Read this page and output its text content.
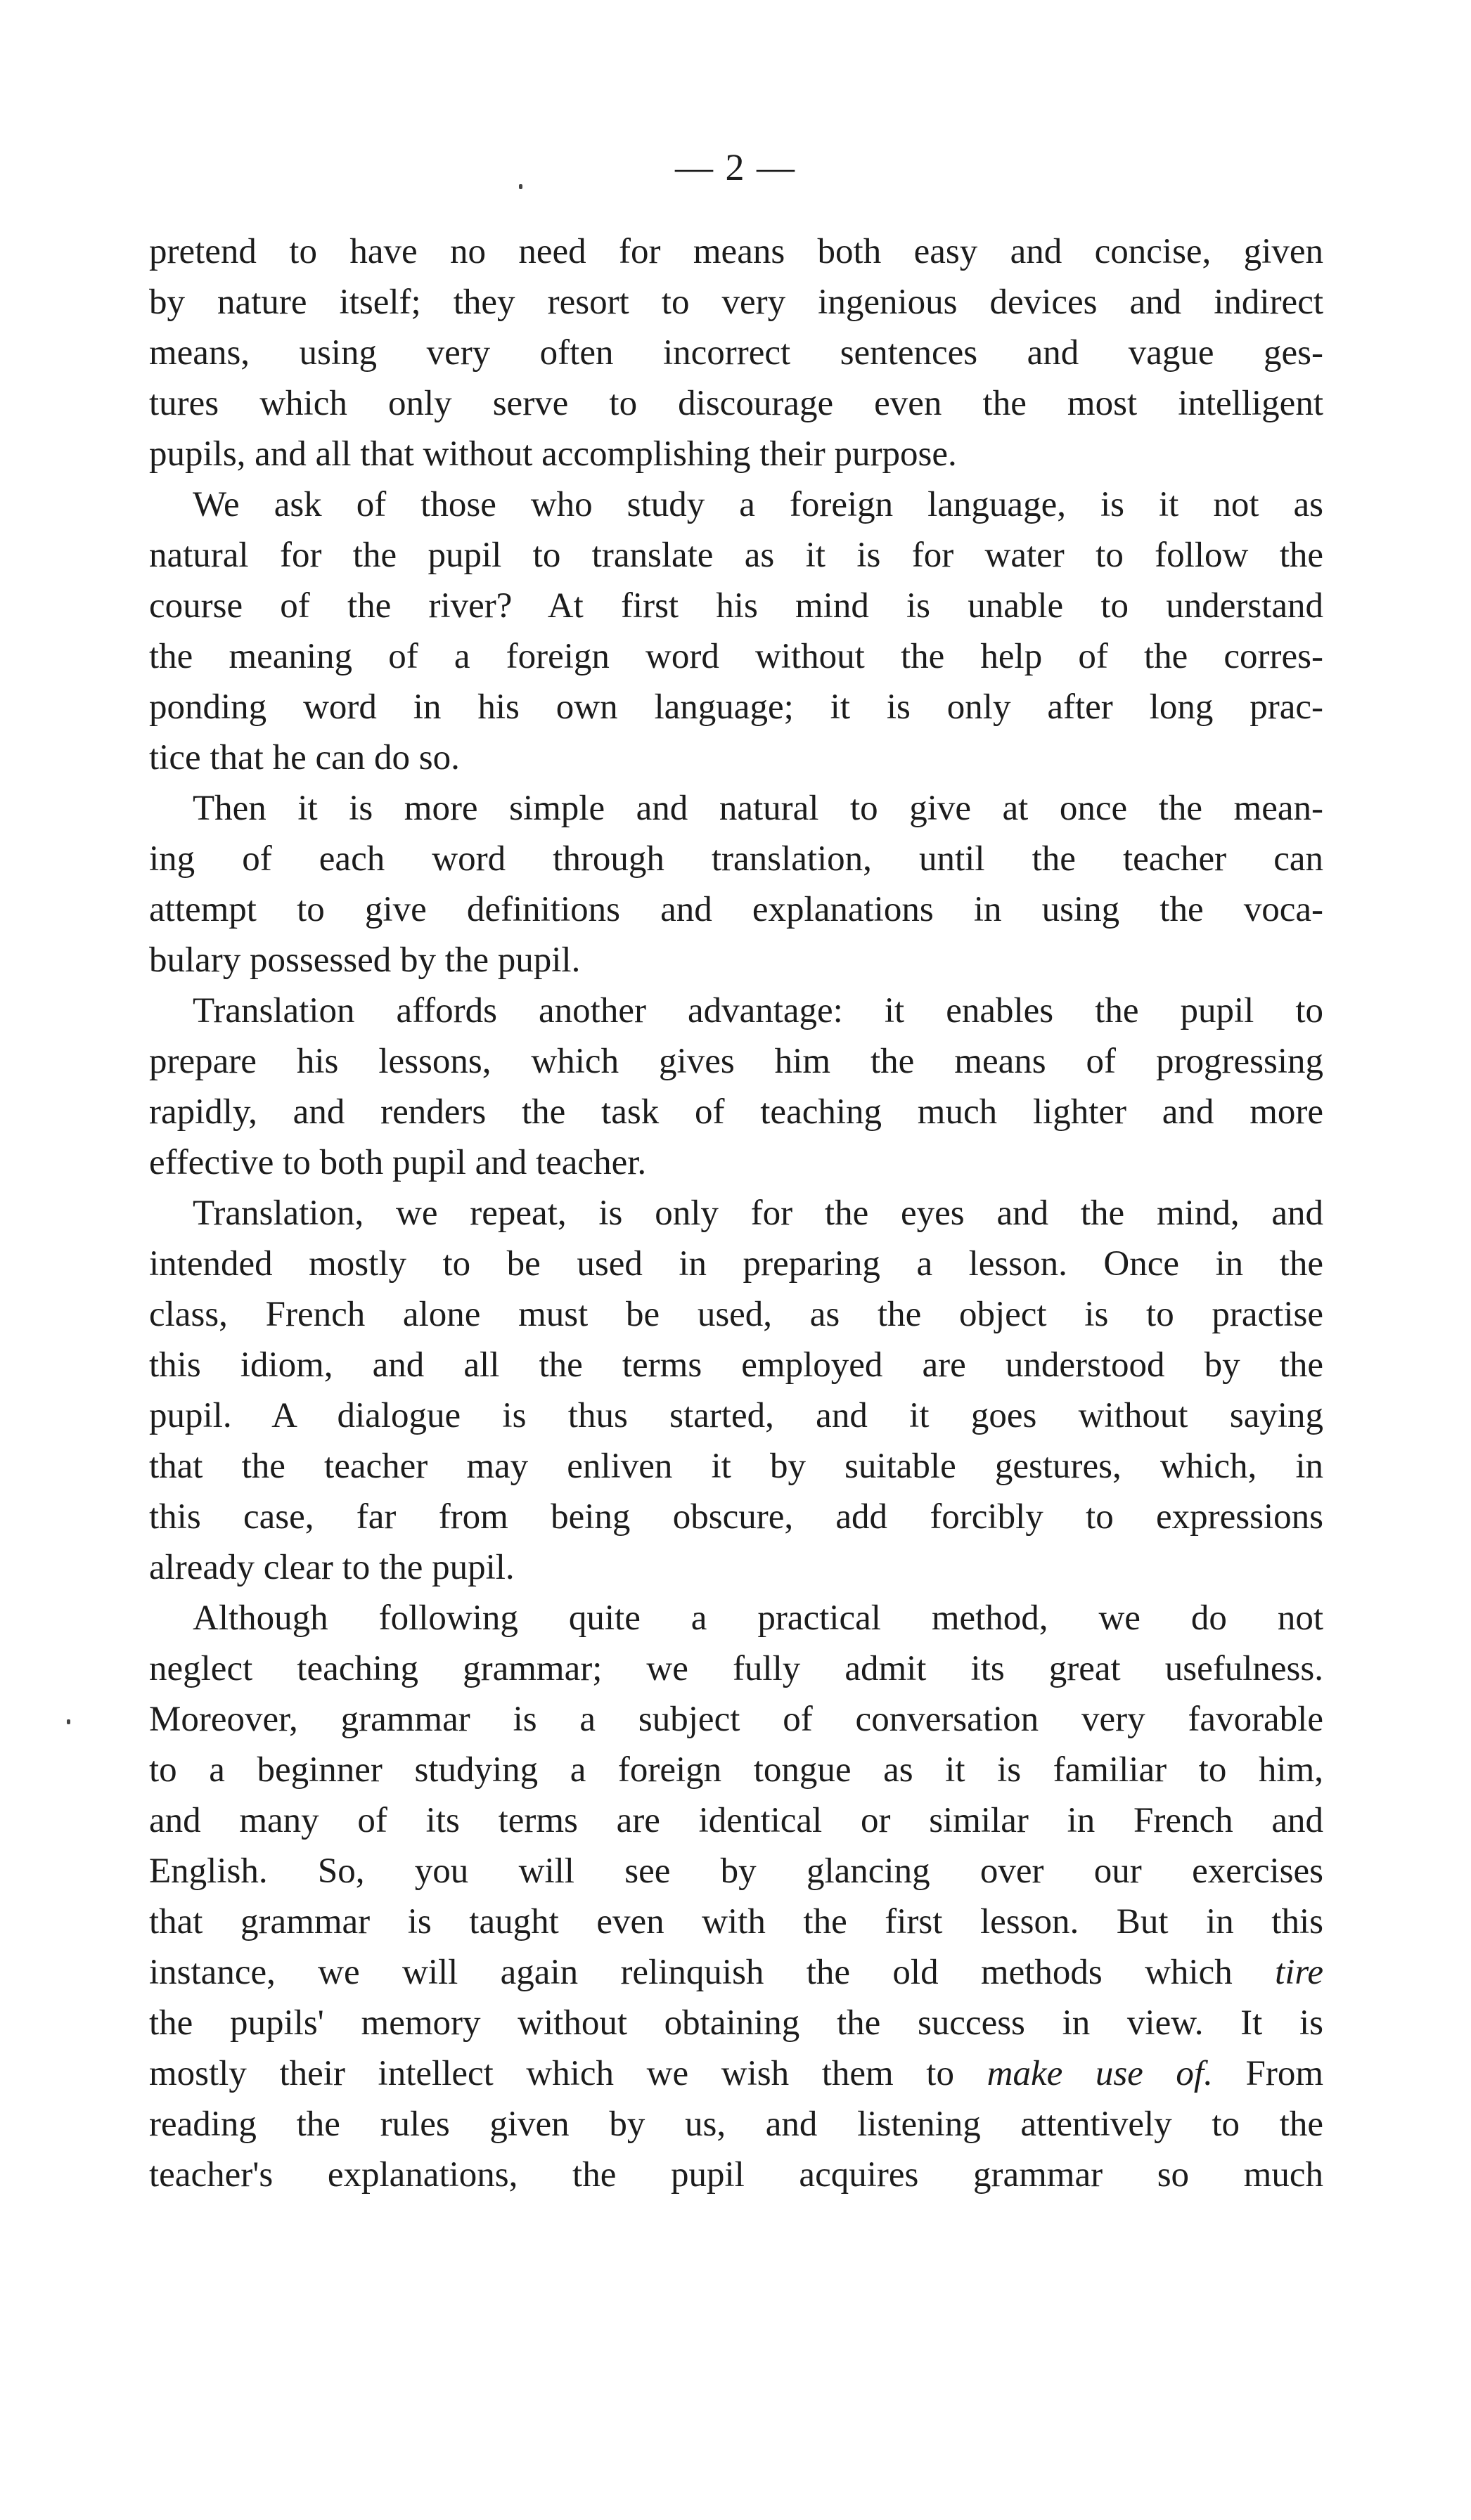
— 2 —
pretend to have no need for means both easy and concise, given
by nature itself; they resort to very ingenious devices and indirect
means, using very often incorrect sentences and vague ges-
tures which only serve to discourage even the most intelligent
pupils, and all that without accomplishing their purpose.
We ask of those who study a foreign language, is it not as
natural for the pupil to translate as it is for water to follow the
course of the river? At first his mind is unable to understand
the meaning of a foreign word without the help of the corres-
ponding word in his own language; it is only after long prac-
tice that he can do so.
Then it is more simple and natural to give at once the mean-
ing of each word through translation, until the teacher can
attempt to give definitions and explanations in using the voca-
bulary possessed by the pupil.
Translation affords another advantage: it enables the pupil to
prepare his lessons, which gives him the means of progressing
rapidly, and renders the task of teaching much lighter and more
effective to both pupil and teacher.
Translation, we repeat, is only for the eyes and the mind, and
intended mostly to be used in preparing a lesson. Once in the
class, French alone must be used, as the object is to practise
this idiom, and all the terms employed are understood by the
pupil. A dialogue is thus started, and it goes without saying
that the teacher may enliven it by suitable gestures, which, in
this case, far from being obscure, add forcibly to expressions
already clear to the pupil.
Although following quite a practical method, we do not
neglect teaching grammar; we fully admit its great usefulness.
Moreover, grammar is a subject of conversation very favorable
to a beginner studying a foreign tongue as it is familiar to him,
and many of its terms are identical or similar in French and
English. So, you will see by glancing over our exercises
that grammar is taught even with the first lesson. But in this
instance, we will again relinquish the old methods which tire
the pupils' memory without obtaining the success in view. It is
mostly their intellect which we wish them to make use of. From
reading the rules given by us, and listening attentively to the
teacher's explanations, the pupil acquires grammar so much
